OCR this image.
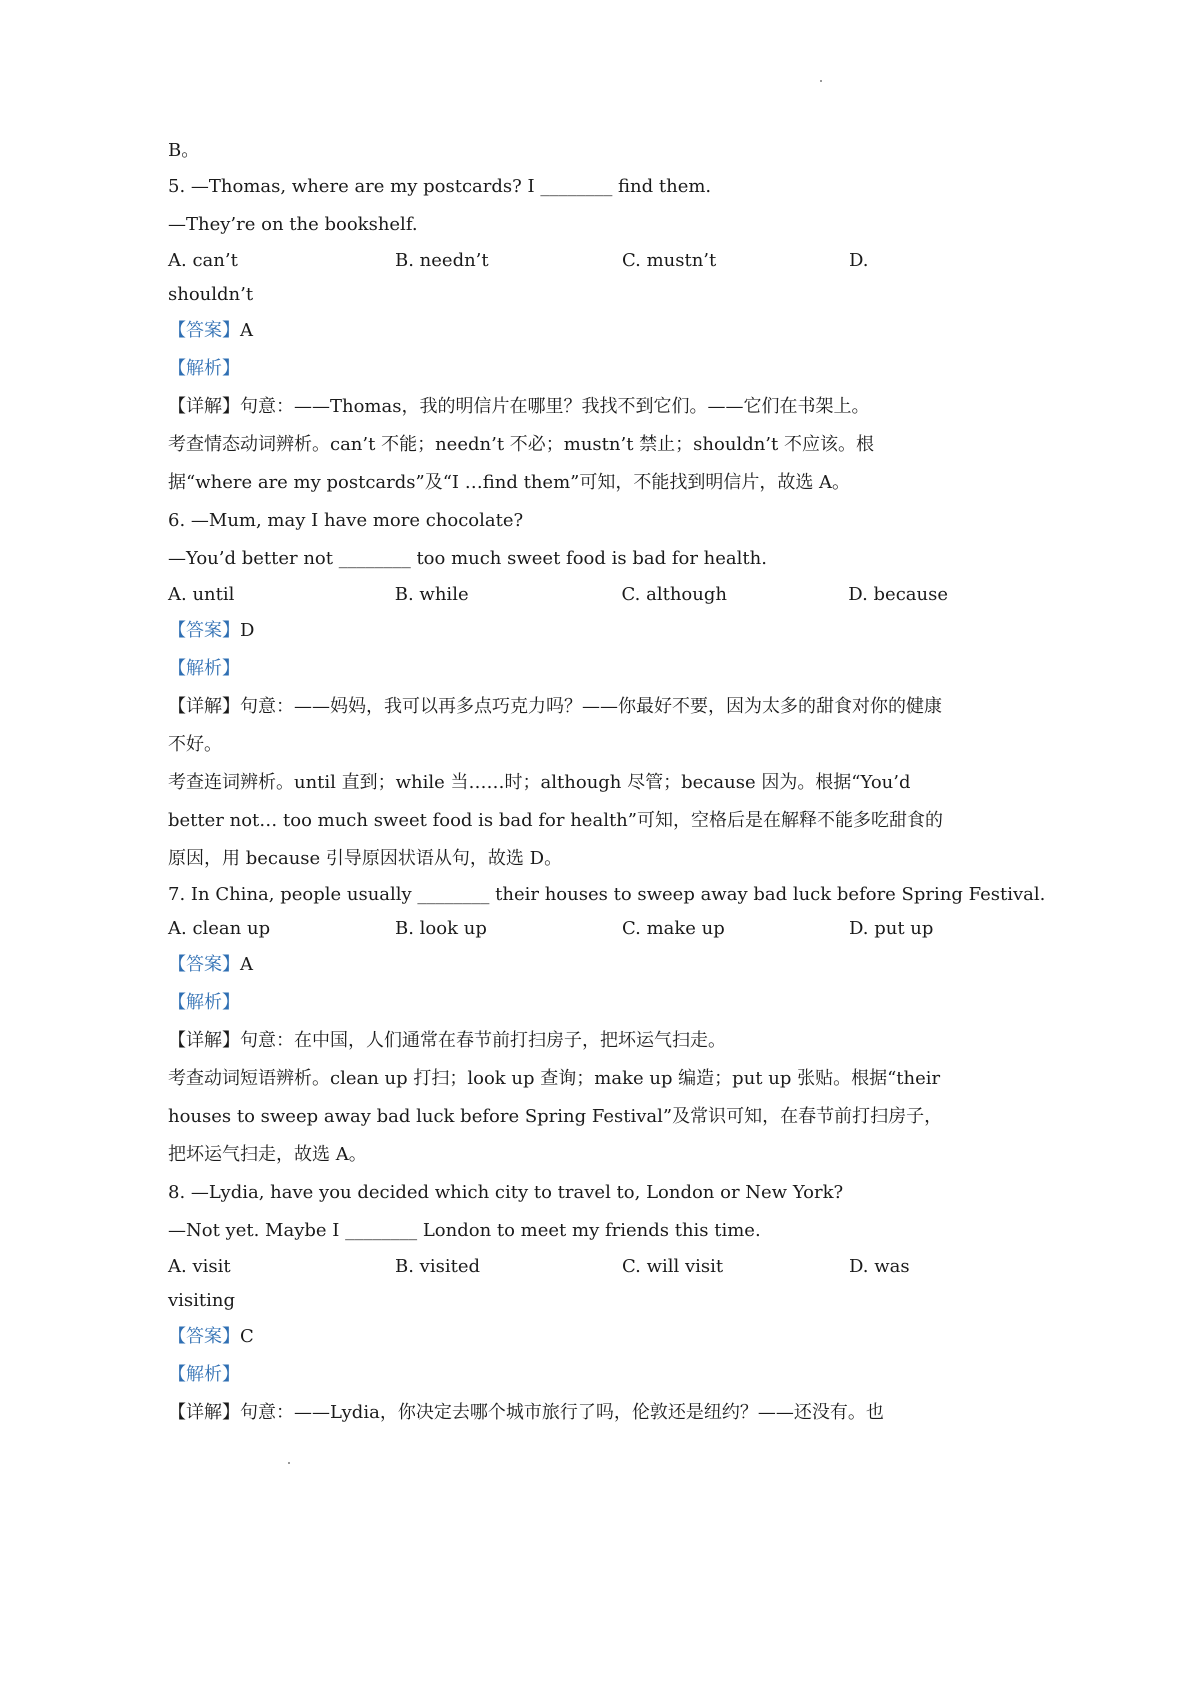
B。
5. —Thomas, where are my postcards? I ________ find them.
—They’re on the bookshelf.
A. can’t	B. needn’t	C. mustn’t	D.
shouldn’t
【答案】A
【解析】
【详解】句意：——Thomas，我的明信片在哪里？我找不到它们。——它们在书架上。
考查情态动词辨析。can’t 不能；needn’t 不必；mustn’t 禁止；shouldn’t 不应该。根据“where are my postcards”及“I …find them”可知，不能找到明信片，故选 A。
6. —Mum, may I have more chocolate?
—You’d better not ________ too much sweet food is bad for health.
A. until	B. while	C. although	D. because
【答案】D
【解析】
【详解】句意：——妈妈，我可以再多点巧克力吗？——你最好不要，因为太多的甜食对你的健康不好。
考查连词辨析。until 直到；while 当……时；although 尽管；because 因为。根据“You’d better not… too much sweet food is bad for health”可知，空格后是在解释不能多吃甜食的原因，用 because 引导原因状语从句，故选 D。
7. In China, people usually ________ their houses to sweep away bad luck before Spring Festival.
A. clean up	B. look up	C. make up	D. put up
【答案】A
【解析】
【详解】句意：在中国，人们通常在春节前打扫房子，把坏运气扫走。
考查动词短语辨析。clean up 打扫；look up 查询；make up 编造；put up 张贴。根据“their houses to sweep away bad luck before Spring Festival”及常识可知，在春节前打扫房子，把坏运气扫走，故选 A。
8. —Lydia, have you decided which city to travel to, London or New York?
—Not yet. Maybe I ________ London to meet my friends this time.
A. visit	B. visited	C. will visit	D. was
visiting
【答案】C
【解析】
【详解】句意：——Lydia，你决定去哪个城市旅行了吗，伦敦还是纽约？——还没有。也
